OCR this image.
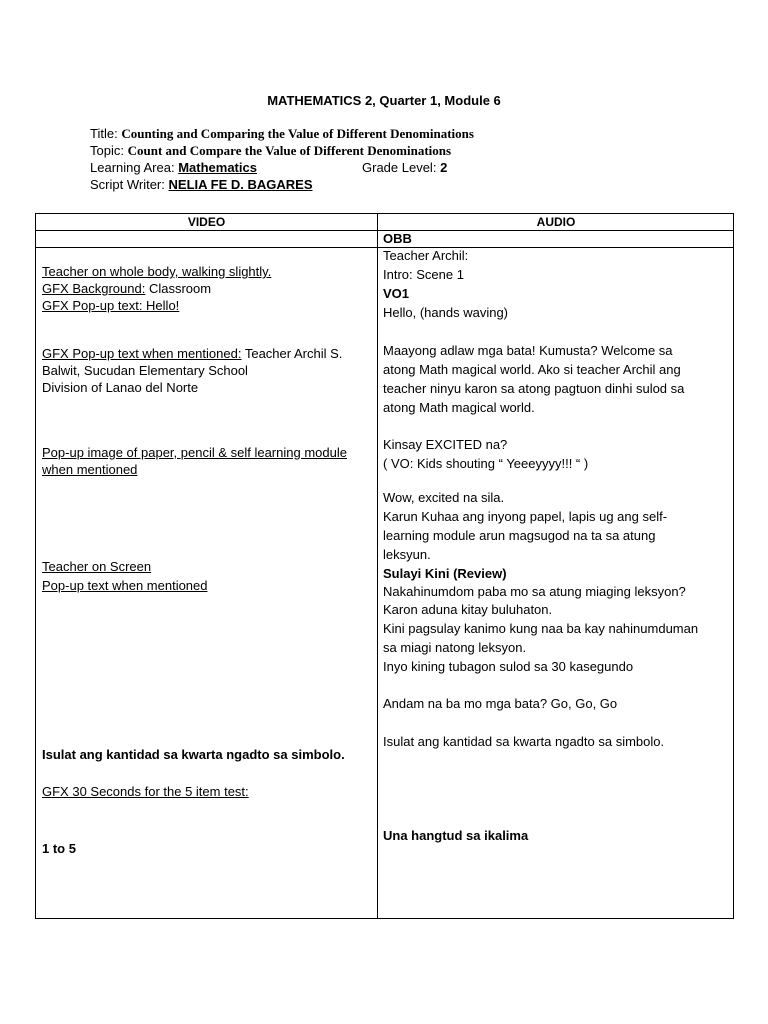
MATHEMATICS 2, Quarter 1, Module 6
Title: Counting and Comparing the Value of Different Denominations
Topic: Count and Compare the Value of Different Denominations
Learning Area: Mathematics	Grade Level: 2
Script Writer: NELIA FE D. BAGARES
VIDEO	AUDIO
OBB
Teacher on whole body, walking slightly.
GFX Background: Classroom
GFX Pop-up text: Hello!
GFX Pop-up text when mentioned: Teacher Archil S.
Balwit, Sucudan Elementary School
Division of Lanao del Norte
Pop-up image of paper, pencil & self learning module
when mentioned
Teacher on Screen
Pop-up text when mentioned
Isulat ang kantidad sa kwarta ngadto sa simbolo.
GFX 30 Seconds for the 5 item test:
1 to 5
Teacher Archil:
Intro: Scene 1
VO1
Hello, (hands waving)
Maayong adlaw mga bata! Kumusta? Welcome sa
atong Math magical world. Ako si teacher Archil ang
teacher ninyu karon sa atong pagtuon dinhi sulod sa
atong Math magical world.
Kinsay EXCITED na?
( VO: Kids shouting “ Yeeeyyyy!!! “ )
Wow, excited na sila.
Karun Kuhaa ang inyong papel, lapis ug ang self-
learning module arun magsugod na ta sa atung
leksyun.
Sulayi Kini (Review)
Nakahinumdom paba mo sa atung miaging leksyon?
Karon aduna kitay buluhaton.
Kini pagsulay kanimo kung naa ba kay nahinumduman
sa miagi natong leksyon.
Inyo kining tubagon sulod sa 30 kasegundo
Andam na ba mo mga bata? Go, Go, Go
Isulat ang kantidad sa kwarta ngadto sa simbolo.
Una hangtud sa ikalima
